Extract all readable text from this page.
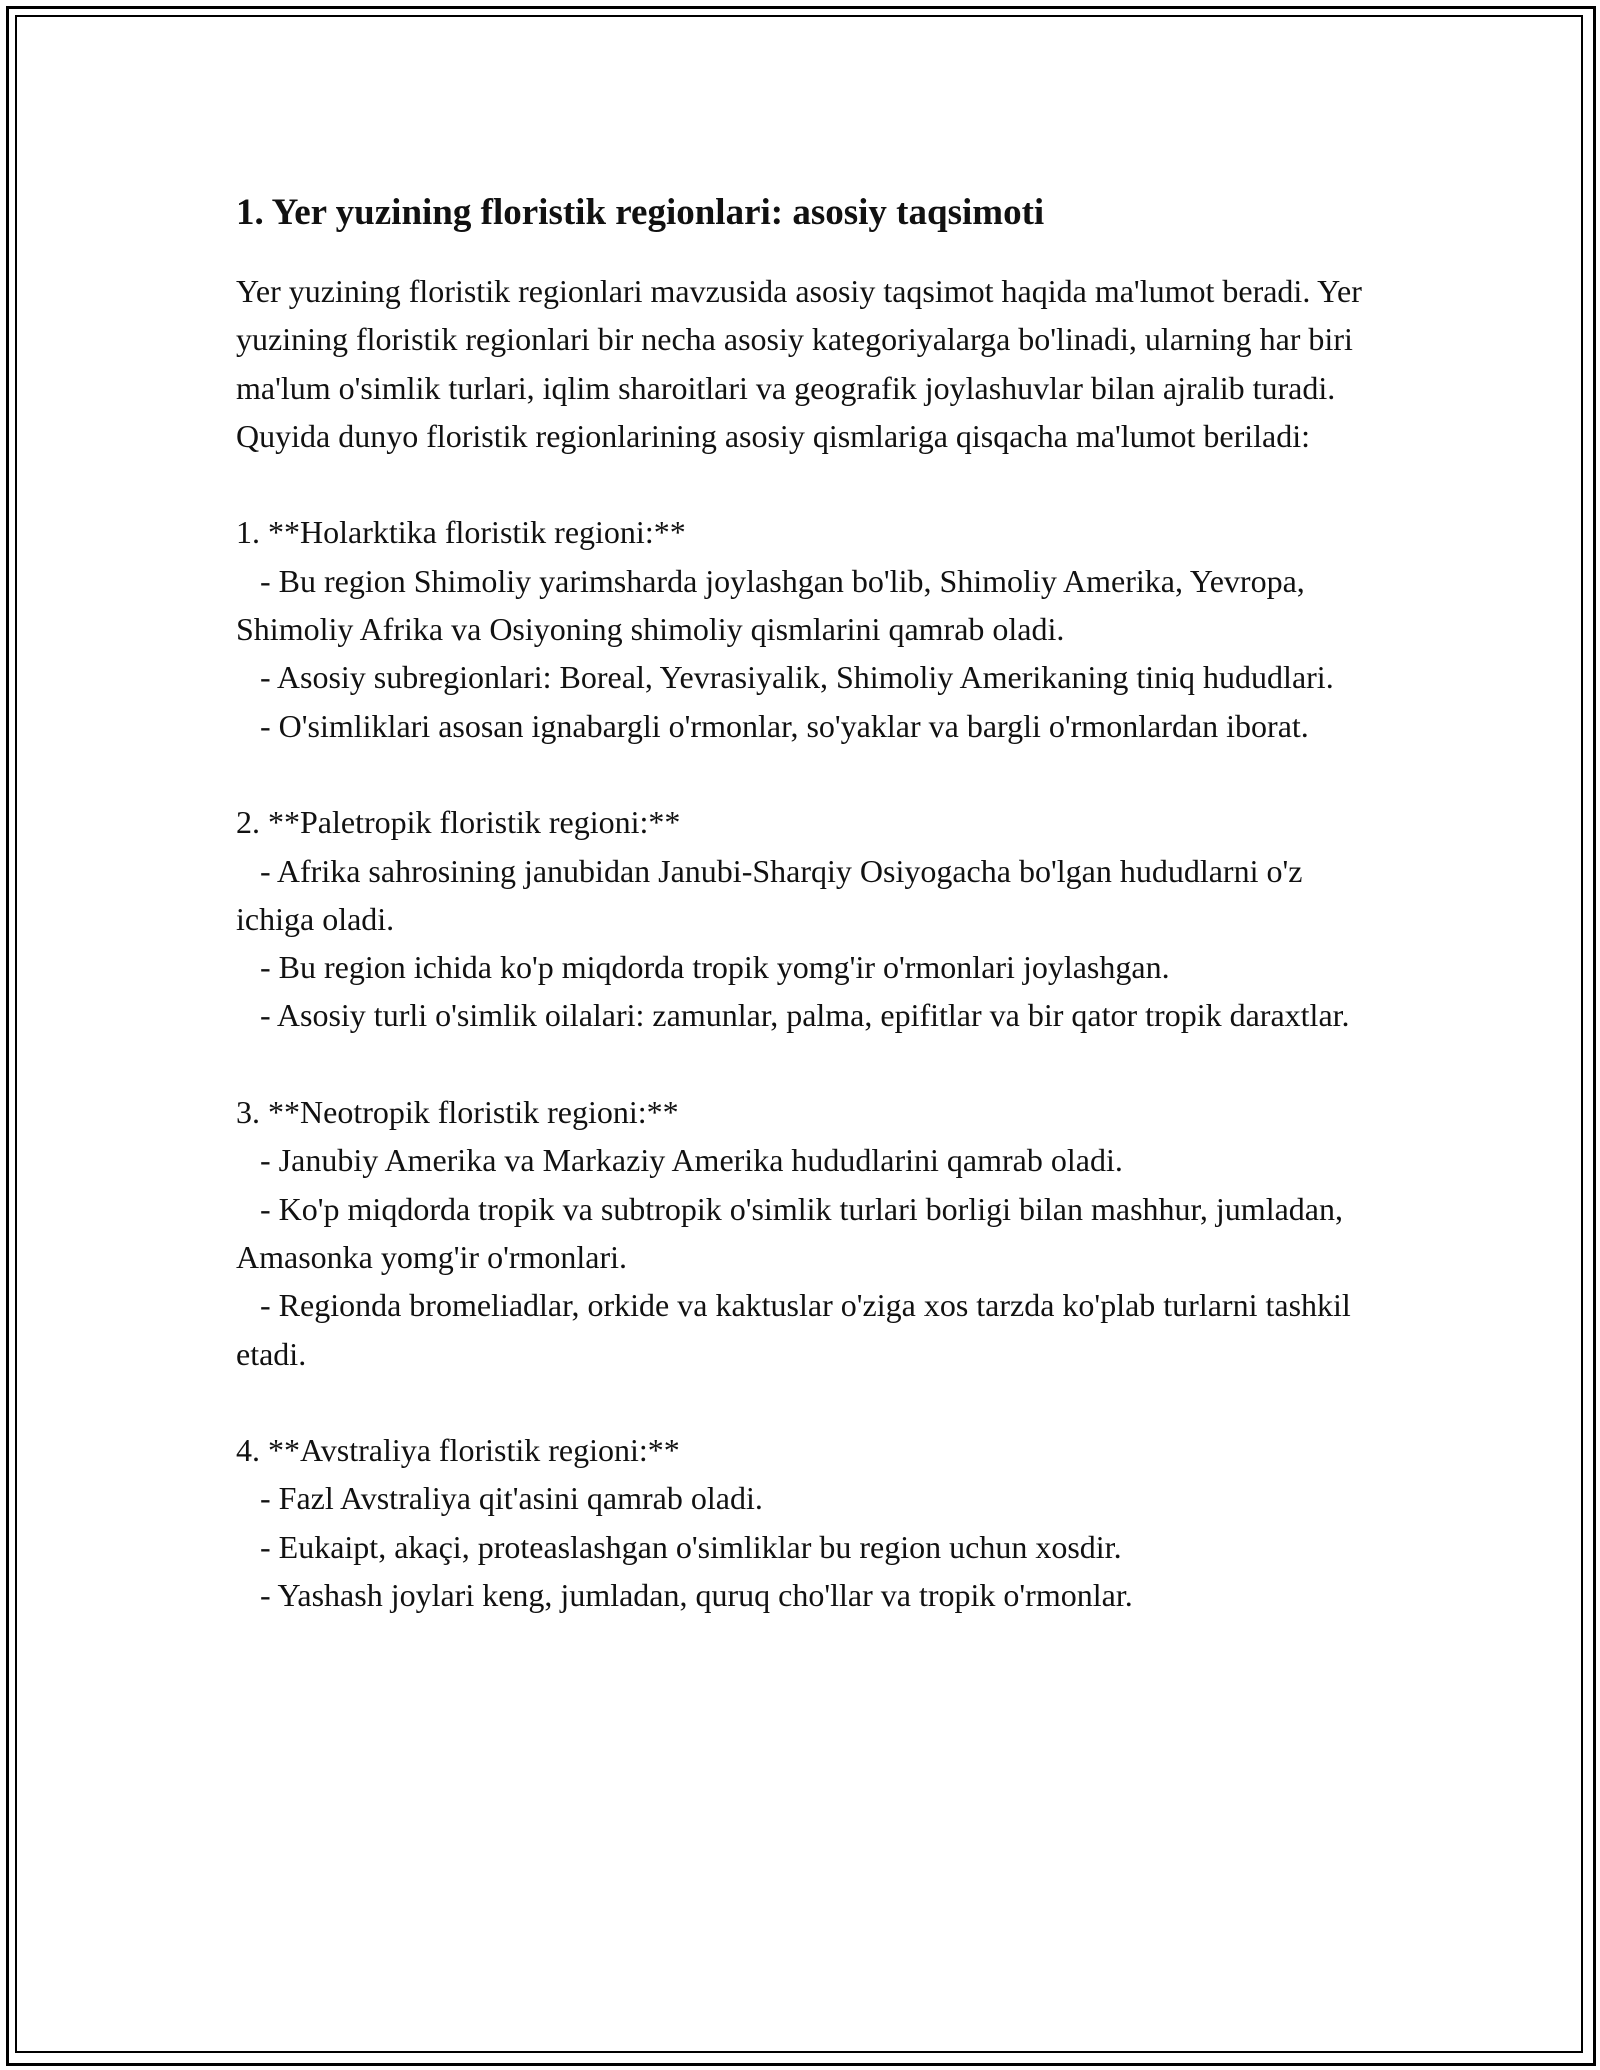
1. Yer yuzining floristik regionlari: asosiy taqsimoti

Yer yuzining floristik regionlari mavzusida asosiy taqsimot haqida ma'lumot beradi. Yer yuzining floristik regionlari bir necha asosiy kategoriyalarga bo'linadi, ularning har biri ma'lum o'simlik turlari, iqlim sharoitlari va geografik joylashuvlar bilan ajralib turadi. Quyida dunyo floristik regionlarining asosiy qismlariga qisqacha ma'lumot beriladi:

1. **Holarktika floristik regioni:**
- Bu region Shimoliy yarimsharda joylashgan bo'lib, Shimoliy Amerika, Yevropa, Shimoliy Afrika va Osiyoning shimoliy qismlarini qamrab oladi.
- Asosiy subregionlari: Boreal, Yevrasiyalik, Shimoliy Amerikaning tiniq hududlari.
- O'simliklari asosan ignabargli o'rmonlar, so'yaklar va bargli o'rmonlardan iborat.
2. **Paletropik floristik regioni:**
- Afrika sahrosining janubidan Janubi-Sharqiy Osiyogacha bo'lgan hududlarni o'z ichiga oladi.
- Bu region ichida ko'p miqdorda tropik yomg'ir o'rmonlari joylashgan.
- Asosiy turli o'simlik oilalari: zamunlar, palma, epifitlar va bir qator tropik daraxtlar.
3. **Neotropik floristik regioni:**
- Janubiy Amerika va Markaziy Amerika hududlarini qamrab oladi.
- Ko'p miqdorda tropik va subtropik o'simlik turlari borligi bilan mashhur, jumladan, Amasonka yomg'ir o'rmonlari.
- Regionda bromeliadlar, orkide va kaktuslar o'ziga xos tarzda ko'plab turlarni tashkil etadi.
4. **Avstraliya floristik regioni:**
- Fazl Avstraliya qit'asini qamrab oladi.
- Eukaipt, akaçi, proteaslashgan o'simliklar bu region uchun xosdir.
- Yashash joylari keng, jumladan, quruq cho'llar va tropik o'rmonlar.
